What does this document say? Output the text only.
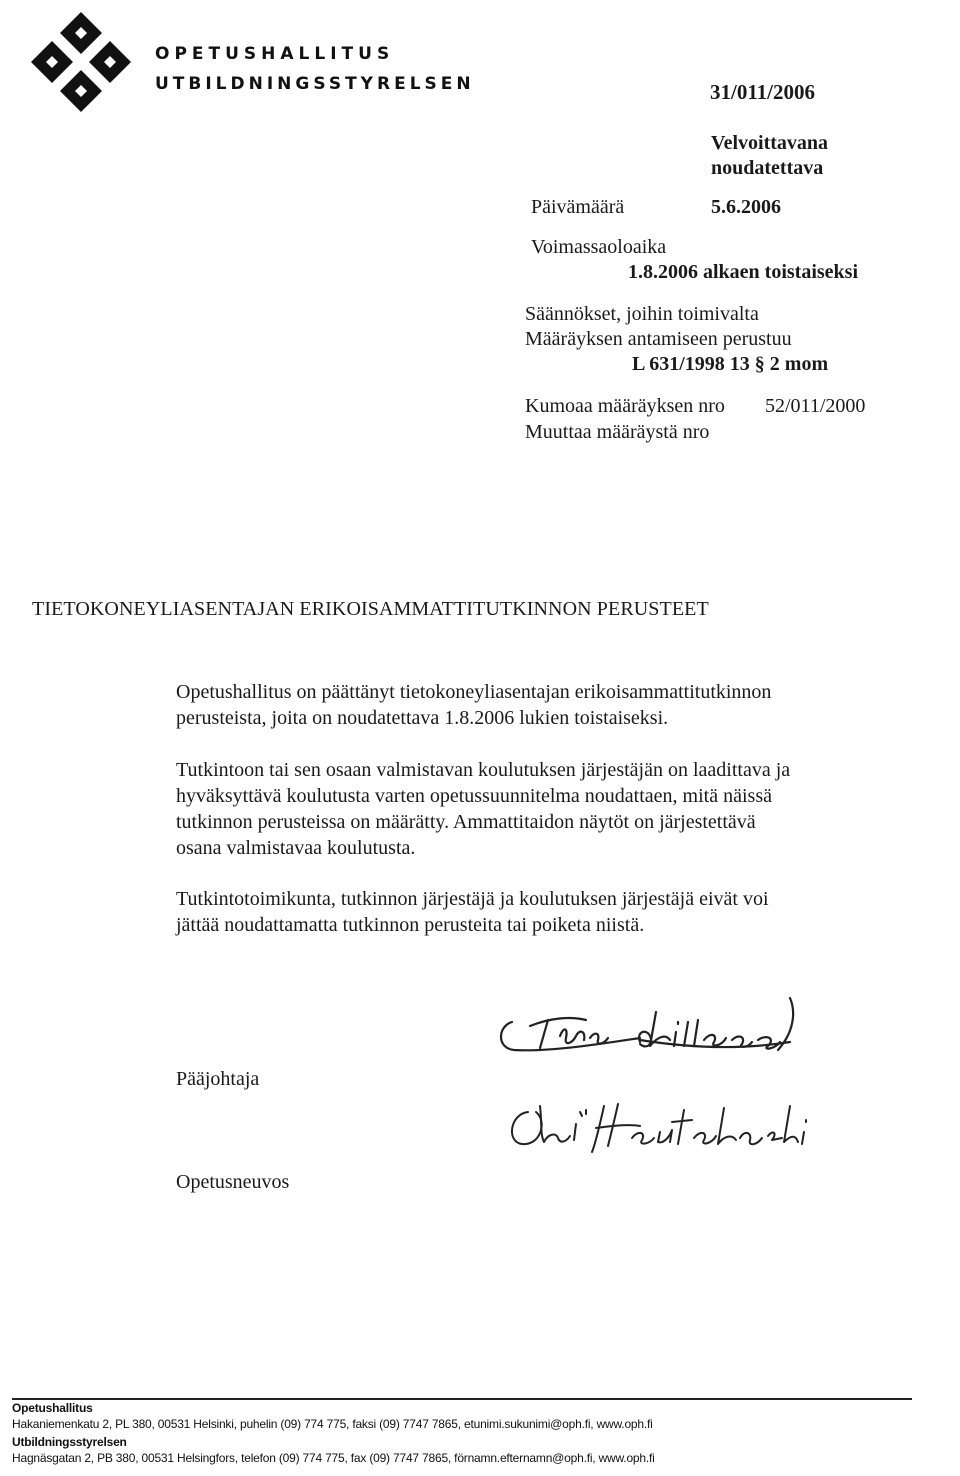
OPETUSHALLITUS
UTBILDNINGSSTYRELSEN	31/011/2006
Velvoittavana
noudatettava
Päivämäärä	5.6.2006
Voimassaoloaika
1.8.2006 alkaen toistaiseksi
Säännökset, joihin toimivalta
Määräyksen antamiseen perustuu
L 631/1998 13 § 2 mom
Kumoaa määräyksen nro 52/011/2000
Muuttaa määräystä nro
TIETOKONEYLIASENTAJAN ERIKOISAMMATTITUTKINNON PERUSTEET

Opetushallitus on päättänyt tietokoneyliasentajan erikoisammattitutkinnon

perusteista, joita on noudatettava 1.8.2006 lukien toistaiseksi.

Tutkintoon tai sen osaan valmistavan koulutuksen järjestäjän on laadittava ja

hyväksyttävä koulutusta varten opetussuunnitelma noudattaen, mitä näissä

tutkinnon perusteissa on määrätty. Ammattitaidon näytöt on järjestettävä

osana valmistavaa koulutusta.

Tutkintotoimikunta, tutkinnon järjestäjä ja koulutuksen järjestäjä eivät voi

jättää noudattamatta tutkinnon perusteita tai poiketa niistä.

Pääjohtaja
Opetusneuvos
Opetushallitus
Hakaniemenkatu 2, PL 380, 00531 Helsinki, puhelin (09) 774 775, faksi (09) 7747 7865, etunimi.sukunimi@oph.fi, www.oph.fi
Utbildningsstyrelsen
Hagnäsgatan 2, PB 380, 00531 Helsingfors, telefon (09) 774 775, fax (09) 7747 7865, förnamn.efternamn@oph.fi, www.oph.fi
